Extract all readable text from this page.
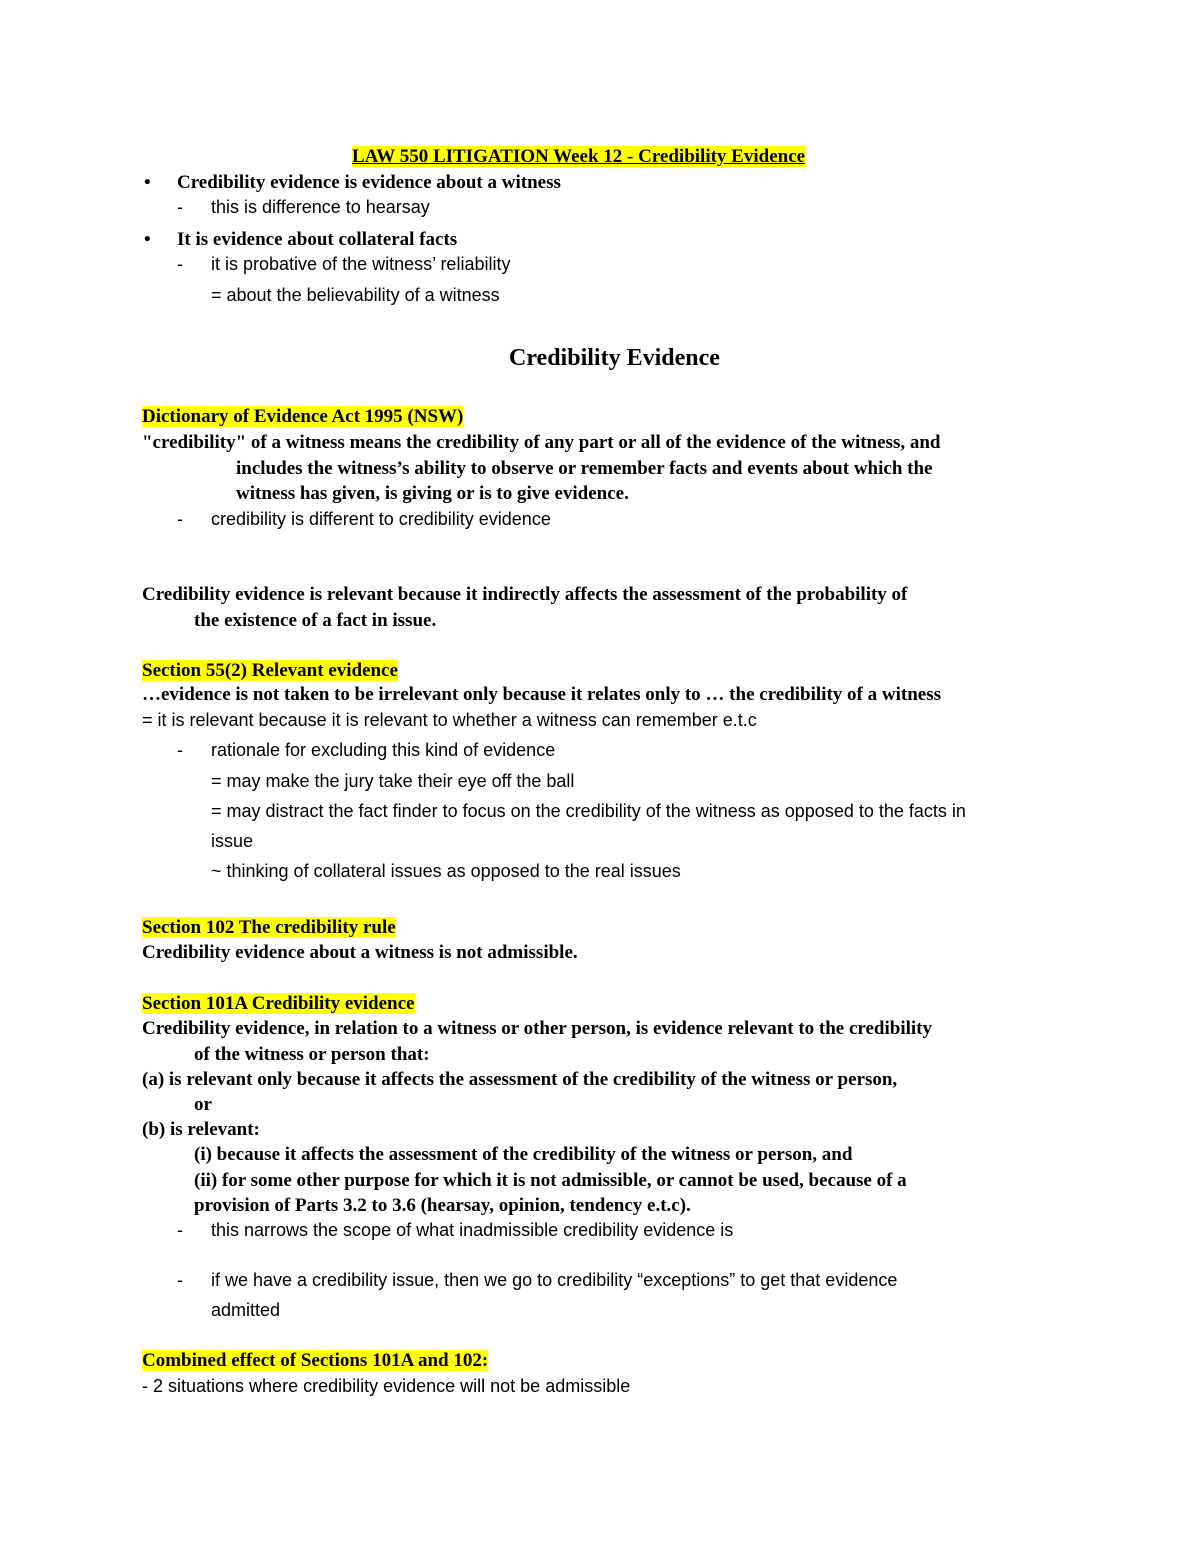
LAW 550 LITIGATION Week 12 - Credibility Evidence
• Credibility evidence is evidence about a witness
- this is difference to hearsay
• It is evidence about collateral facts
- it is probative of the witness’ reliability
= about the believability of a witness
Credibility Evidence
Dictionary of Evidence Act 1995 (NSW)
"credibility" of a witness means the credibility of any part or all of the evidence of the witness, and
includes the witness’s ability to observe or remember facts and events about which the
witness has given, is giving or is to give evidence.
- credibility is different to credibility evidence
Credibility evidence is relevant because it indirectly affects the assessment of the probability of
the existence of a fact in issue.
Section 55(2) Relevant evidence
…evidence is not taken to be irrelevant only because it relates only to … the credibility of a witness
= it is relevant because it is relevant to whether a witness can remember e.t.c
- rationale for excluding this kind of evidence
= may make the jury take their eye off the ball
= may distract the fact finder to focus on the credibility of the witness as opposed to the facts in
issue
~ thinking of collateral issues as opposed to the real issues
Section 102 The credibility rule
Credibility evidence about a witness is not admissible.
Section 101A Credibility evidence
Credibility evidence, in relation to a witness or other person, is evidence relevant to the credibility
of the witness or person that:
(a) is relevant only because it affects the assessment of the credibility of the witness or person,
or
(b) is relevant:
(i) because it affects the assessment of the credibility of the witness or person, and
(ii) for some other purpose for which it is not admissible, or cannot be used, because of a
provision of Parts 3.2 to 3.6 (hearsay, opinion, tendency e.t.c).
- this narrows the scope of what inadmissible credibility evidence is
- if we have a credibility issue, then we go to credibility “exceptions” to get that evidence
admitted
Combined effect of Sections 101A and 102:
- 2 situations where credibility evidence will not be admissible
